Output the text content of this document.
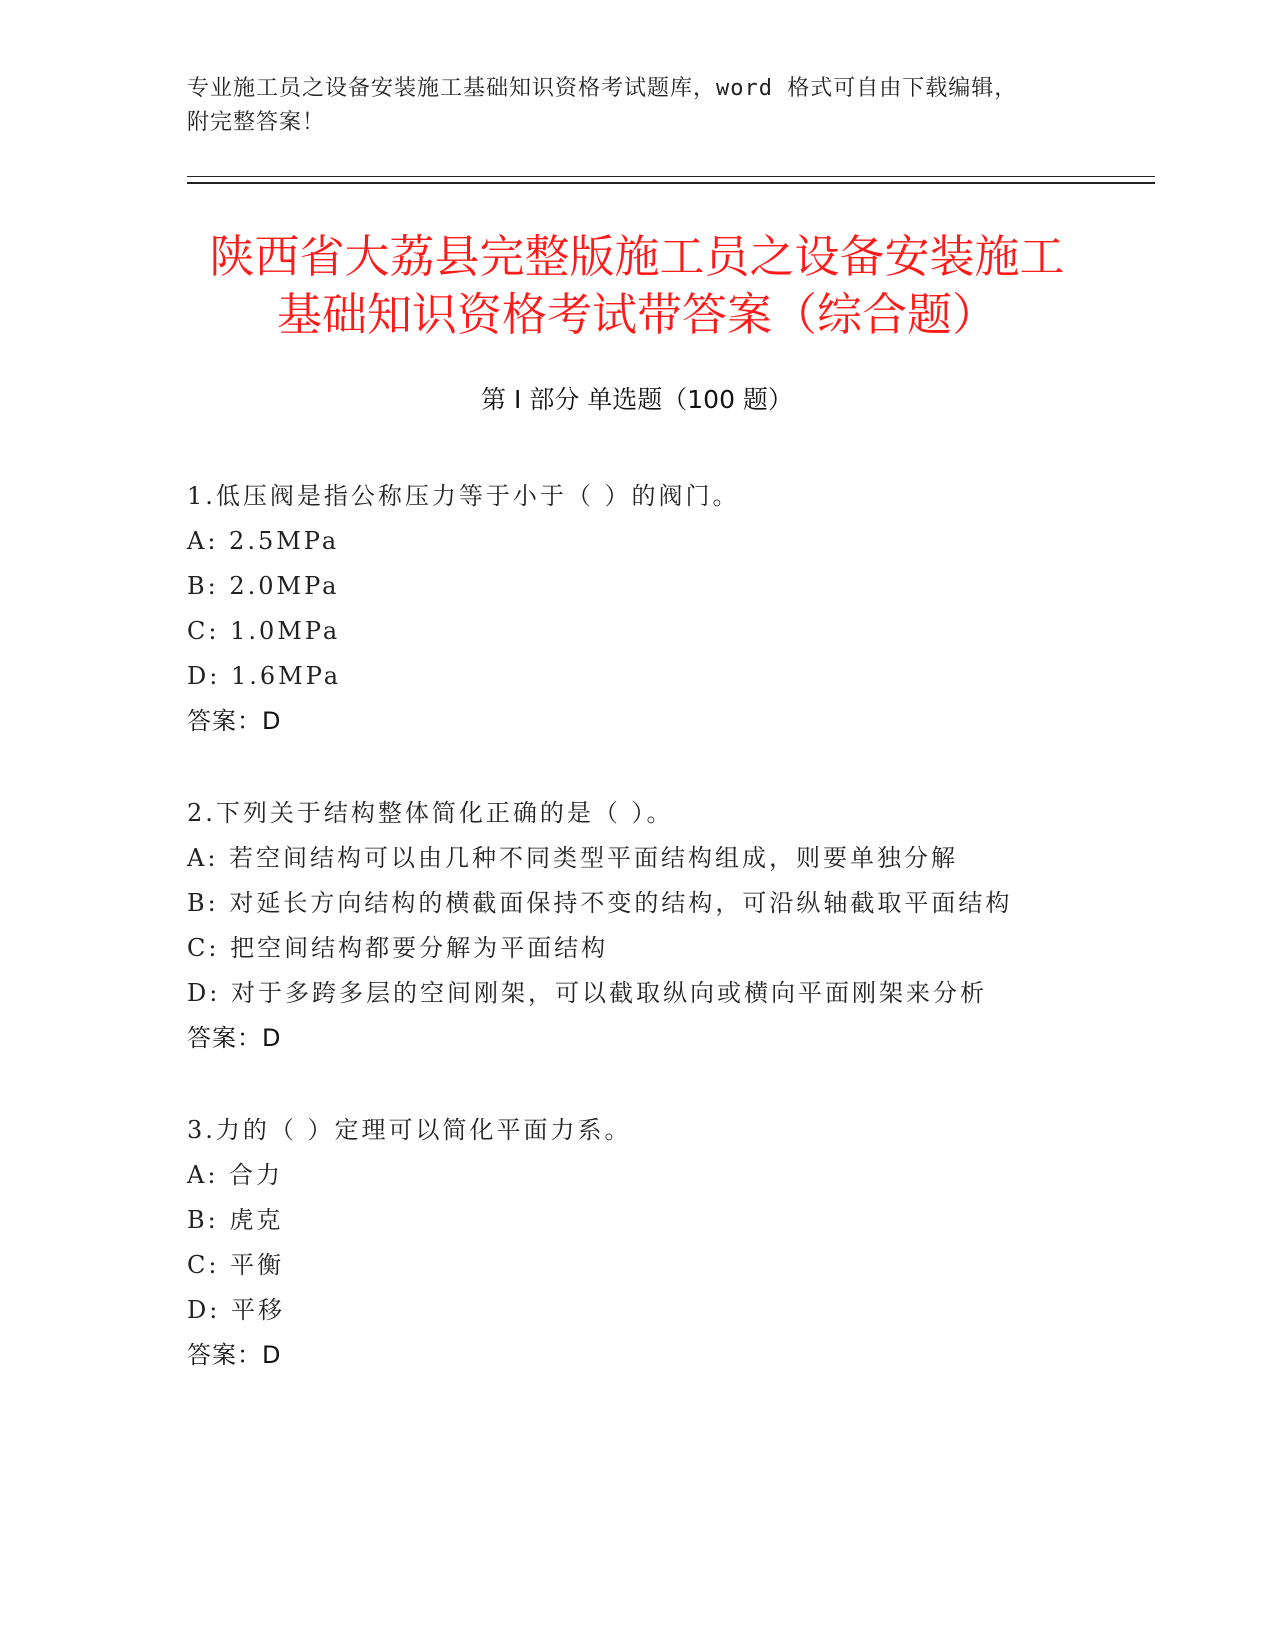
专业施工员之设备安装施工基础知识资格考试题库，word 格式可自由下载编辑，
附完整答案！
陕西省大荔县完整版施工员之设备安装施工
基础知识资格考试带答案（综合题）
第 I 部分 单选题（100 题）
1.低压阀是指公称压力等于小于（ ）的阀门。
A: 2.5MPa
B: 2.0MPa
C: 1.0MPa
D: 1.6MPa
答案：D
2.下列关于结构整体简化正确的是（ ）。
A: 若空间结构可以由几种不同类型平面结构组成，则要单独分解
B: 对延长方向结构的横截面保持不变的结构，可沿纵轴截取平面结构
C: 把空间结构都要分解为平面结构
D: 对于多跨多层的空间刚架，可以截取纵向或横向平面刚架来分析
答案：D
3.力的（ ）定理可以简化平面力系。
A: 合力
B: 虎克
C: 平衡
D: 平移
答案：D
